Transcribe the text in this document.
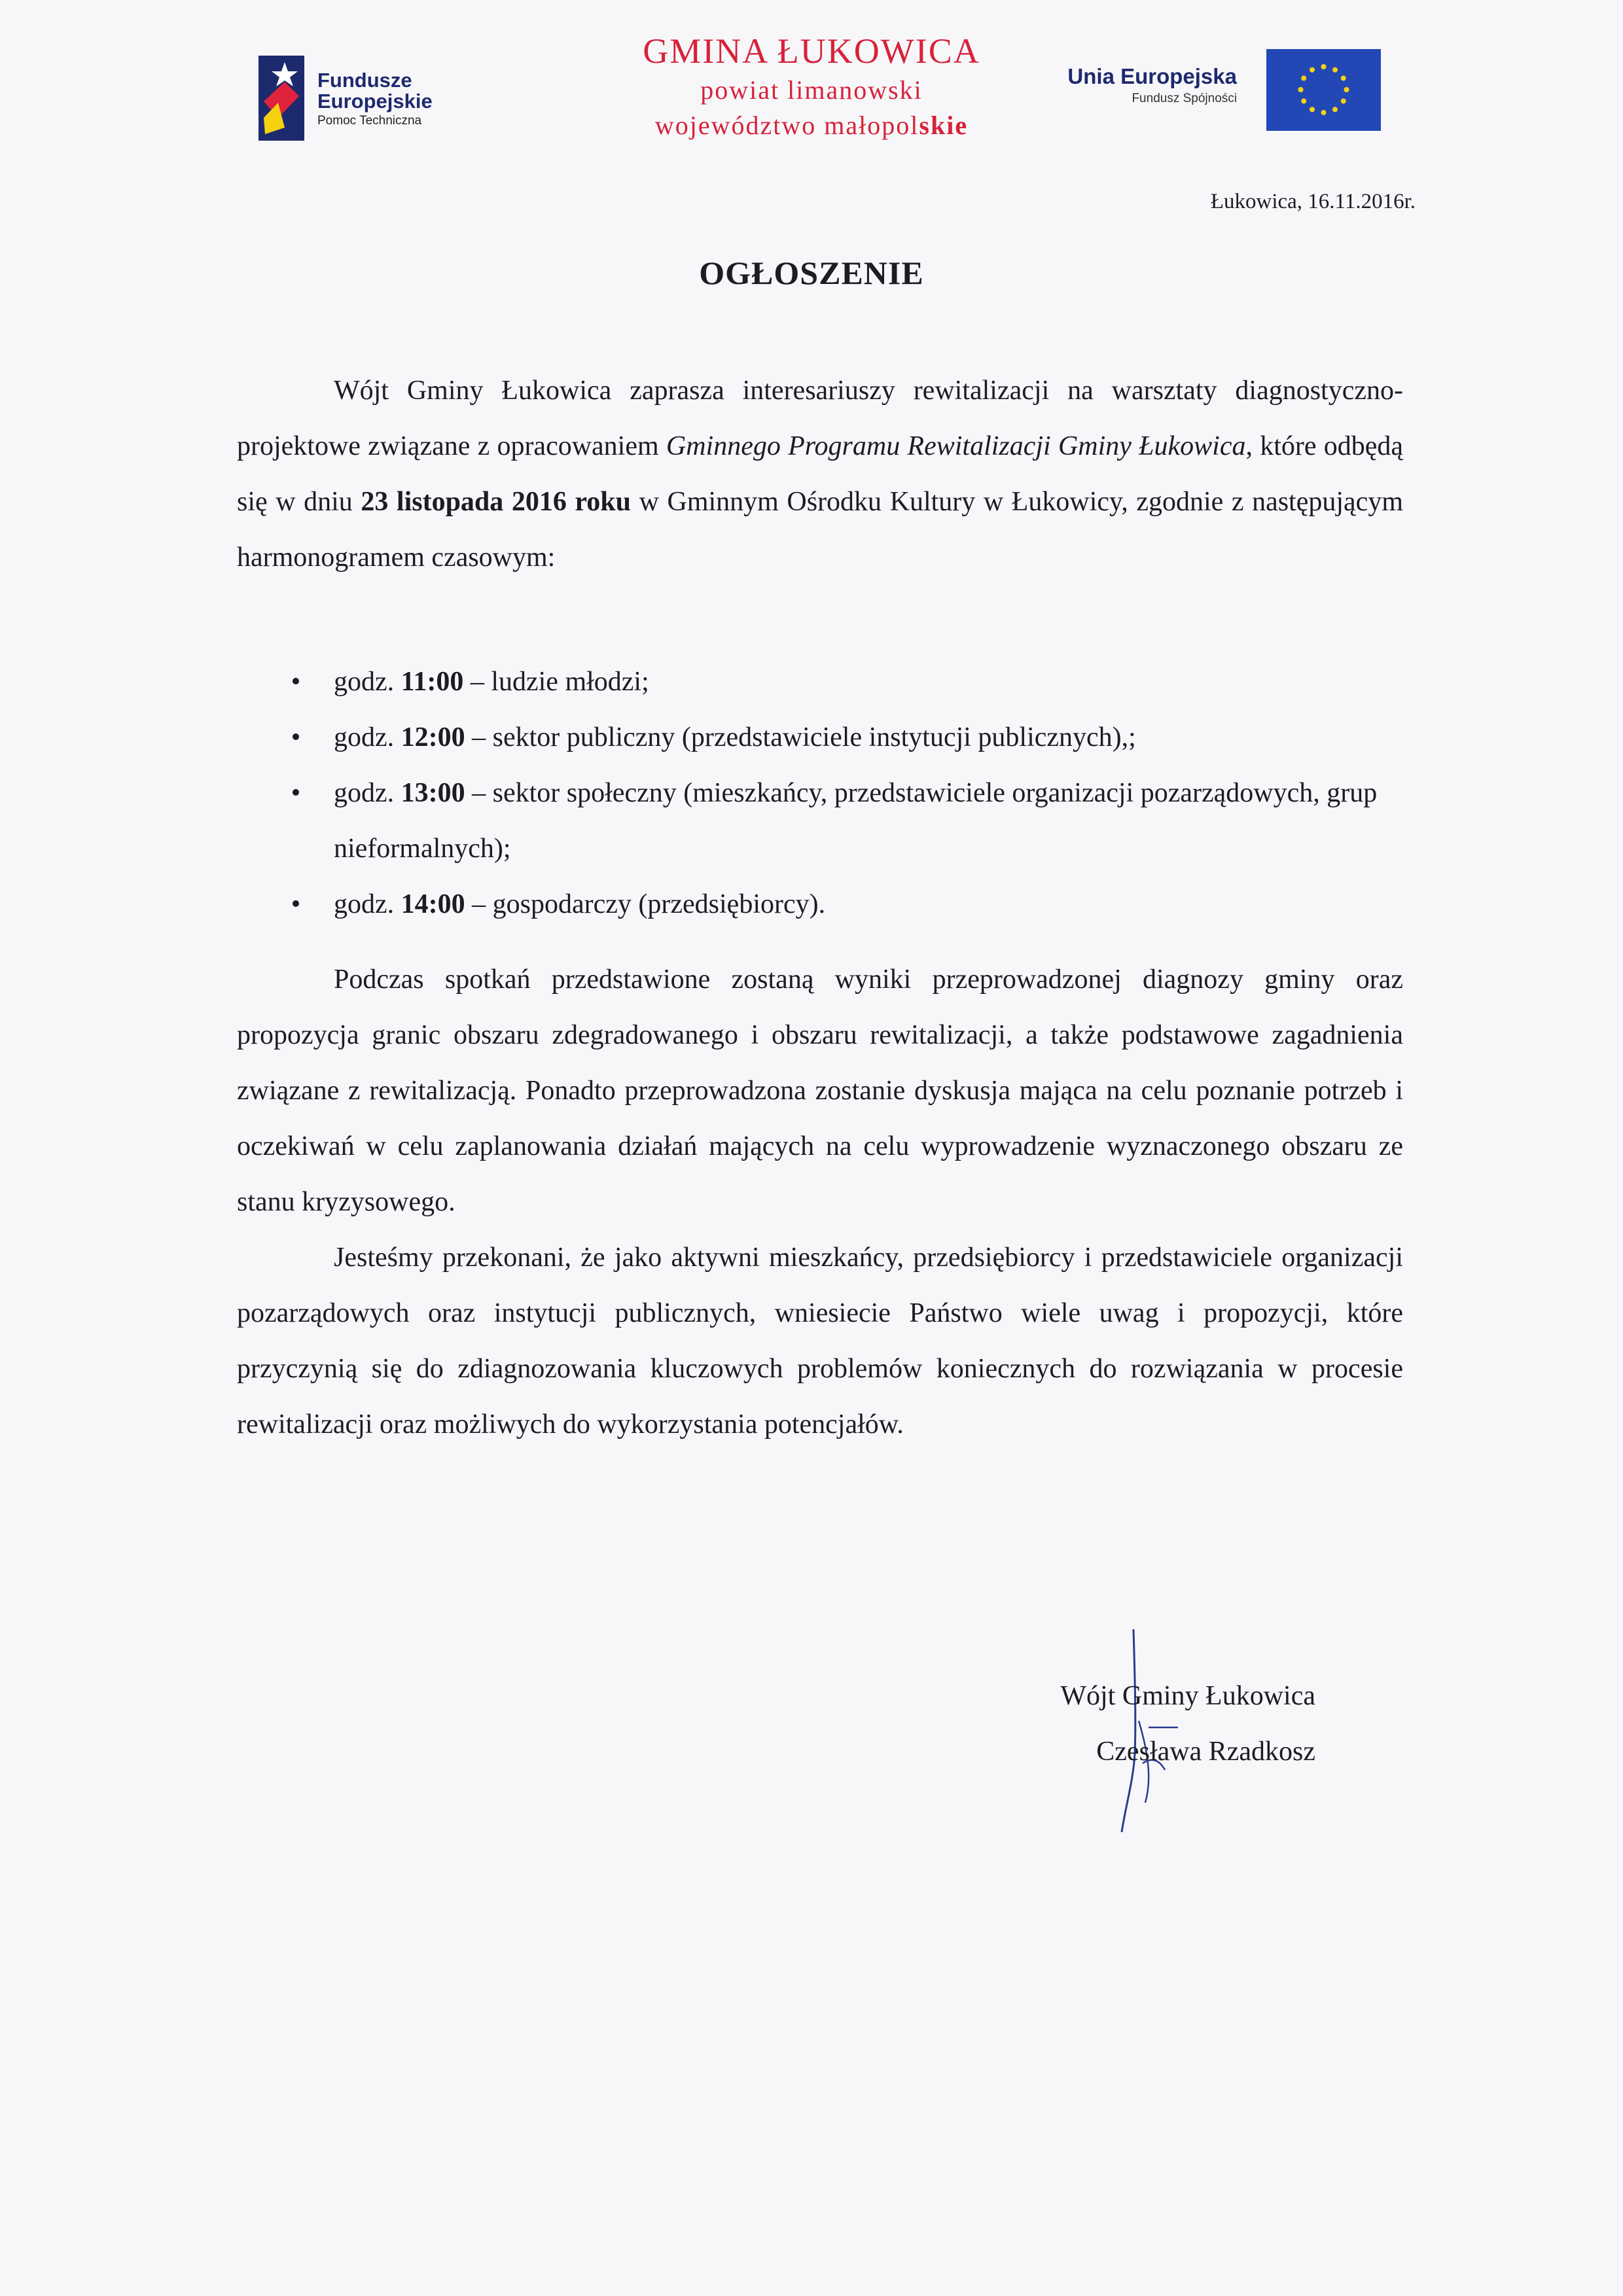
Fundusze
Europejskie
Pomoc Techniczna
GMINA ŁUKOWICA
powiat limanowski
województwo małopolskie
Unia Europejska
Fundusz Spójności
Łukowica, 16.11.2016r.
OGŁOSZENIE
Wójt Gminy Łukowica zaprasza interesariuszy rewitalizacji na warsztaty diagnostyczno-projektowe związane z opracowaniem Gminnego Programu Rewitalizacji Gminy Łukowica, które odbędą się w dniu 23 listopada 2016 roku w Gminnym Ośrodku Kultury w Łukowicy, zgodnie z następującym harmonogramem czasowym:
• godz. 11:00 – ludzie młodzi;
• godz. 12:00 – sektor publiczny (przedstawiciele instytucji publicznych),;
• godz. 13:00 – sektor społeczny (mieszkańcy, przedstawiciele organizacji pozarządowych, grup nieformalnych);
• godz. 14:00 – gospodarczy (przedsiębiorcy).
Podczas spotkań przedstawione zostaną wyniki przeprowadzonej diagnozy gminy oraz propozycja granic obszaru zdegradowanego i obszaru rewitalizacji, a także podstawowe zagadnienia związane z rewitalizacją. Ponadto przeprowadzona zostanie dyskusja mająca na celu poznanie potrzeb i oczekiwań w celu zaplanowania działań mających na celu wyprowadzenie wyznaczonego obszaru ze stanu kryzysowego.
Jesteśmy przekonani, że jako aktywni mieszkańcy, przedsiębiorcy i przedstawiciele organizacji pozarządowych oraz instytucji publicznych, wniesiecie Państwo wiele uwag i propozycji, które przyczynią się do zdiagnozowania kluczowych problemów koniecznych do rozwiązania w procesie rewitalizacji oraz możliwych do wykorzystania potencjałów.
Wójt Gminy Łukowica
Czesława Rzadkosz
